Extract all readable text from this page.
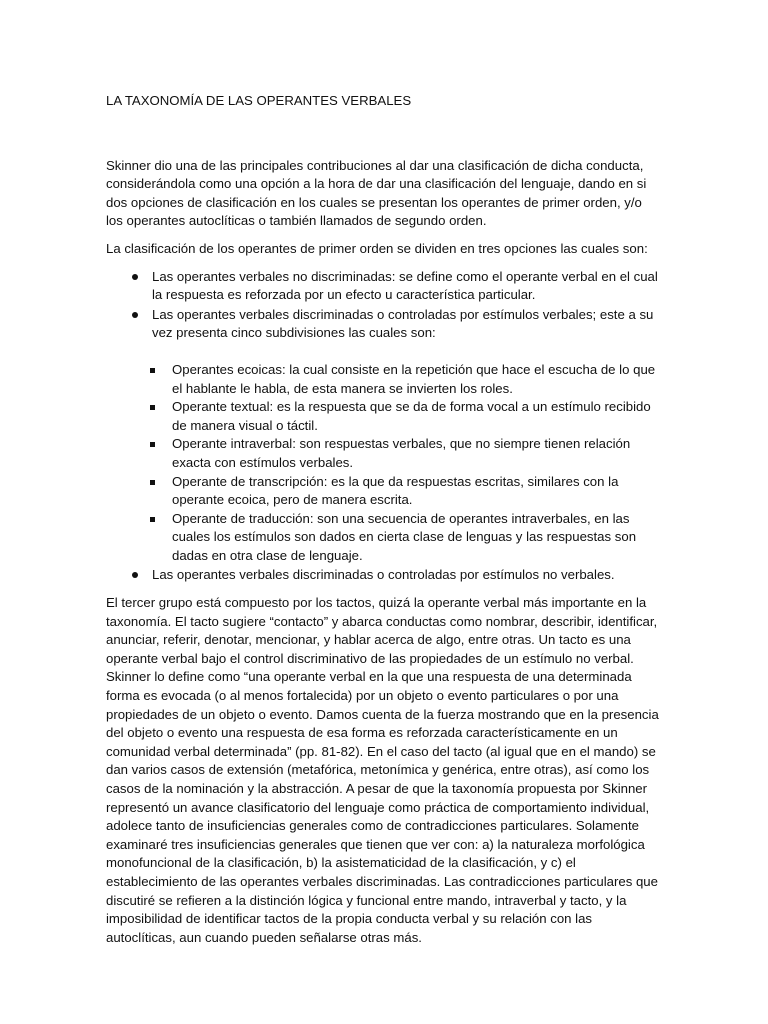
LA TAXONOMÍA DE LAS OPERANTES VERBALES

Skinner dio una de las principales contribuciones al dar una clasificación de dicha conducta, considerándola como una opción a la hora de dar una clasificación del lenguaje, dando en si dos opciones de clasificación en los cuales se presentan los operantes de primer orden, y/o los operantes autoclíticas o también llamados de segundo orden.

La clasificación de los operantes de primer orden se dividen en tres opciones las cuales son:

Las operantes verbales no discriminadas: se define como el operante verbal en el cual la respuesta es reforzada por un efecto u característica particular.
Las operantes verbales discriminadas o controladas por estímulos verbales; este a su vez presenta cinco subdivisiones las cuales son:
Operantes ecoicas: la cual consiste en la repetición que hace el escucha de lo que el hablante le habla, de esta manera se invierten los roles.
Operante textual: es la respuesta que se da de forma vocal a un estímulo recibido de manera visual o táctil.
Operante intraverbal: son respuestas verbales, que no siempre tienen relación exacta con estímulos verbales.
Operante de transcripción: es la que da respuestas escritas, similares con la operante ecoica, pero de manera escrita.
Operante de traducción: son una secuencia de operantes intraverbales, en las cuales los estímulos son dados en cierta clase de lenguas y las respuestas son dadas en otra clase de lenguaje.
Las operantes verbales discriminadas o controladas por estímulos no verbales.

El tercer grupo está compuesto por los tactos, quizá la operante verbal más importante en la taxonomía. El tacto sugiere “contacto” y abarca conductas como nombrar, describir, identificar, anunciar, referir, denotar, mencionar, y hablar acerca de algo, entre otras. Un tacto es una operante verbal bajo el control discriminativo de las propiedades de un estímulo no verbal. Skinner lo define como “una operante verbal en la que una respuesta de una determinada forma es evocada (o al menos fortalecida) por un objeto o evento particulares o por una propiedades de un objeto o evento. Damos cuenta de la fuerza mostrando que en la presencia del objeto o evento una respuesta de esa forma es reforzada característicamente en un comunidad verbal determinada” (pp. 81-82). En el caso del tacto (al igual que en el mando) se dan varios casos de extensión (metafórica, metonímica y genérica, entre otras), así como los casos de la nominación y la abstracción. A pesar de que la taxonomía propuesta por Skinner representó un avance clasificatorio del lenguaje como práctica de comportamiento individual, adolece tanto de insuficiencias generales como de contradicciones particulares. Solamente examinaré tres insuficiencias generales que tienen que ver con: a) la naturaleza morfológica monofuncional de la clasificación, b) la asistematicidad de la clasificación, y c) el establecimiento de las operantes verbales discriminadas. Las contradicciones particulares que discutiré se refieren a la distinción lógica y funcional entre mando, intraverbal y tacto, y la imposibilidad de identificar tactos de la propia conducta verbal y su relación con las autoclíticas, aun cuando pueden señalarse otras más.
